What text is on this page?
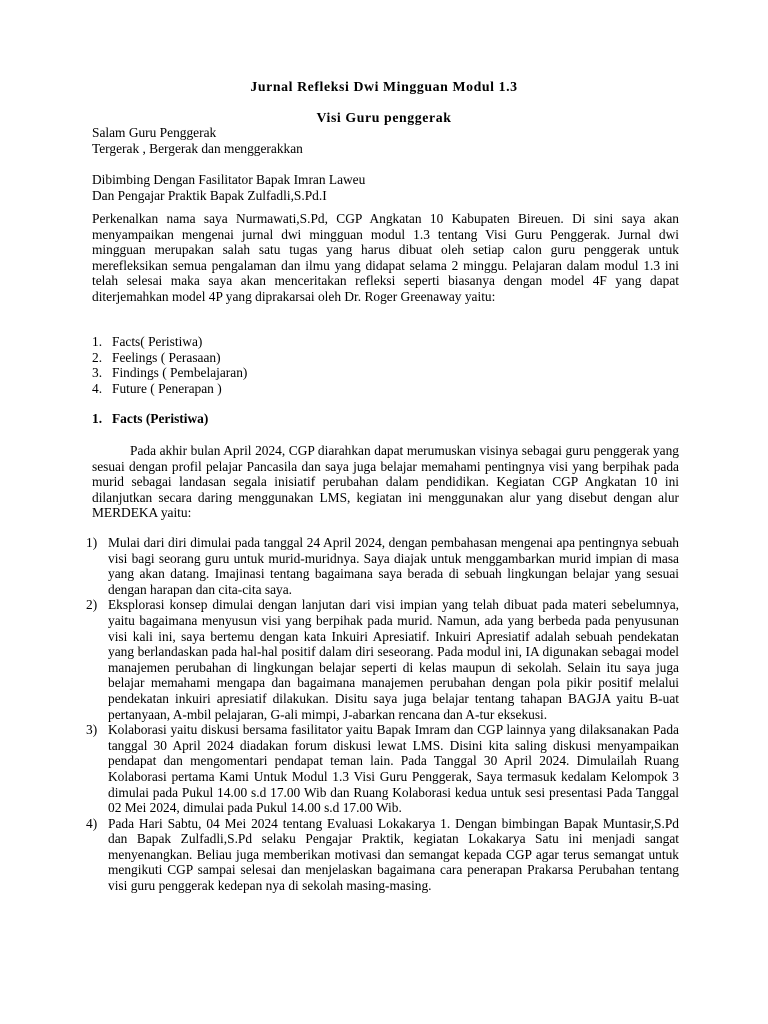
Jurnal Refleksi Dwi Mingguan Modul 1.3
Visi Guru penggerak
Salam Guru Penggerak
Tergerak , Bergerak dan menggerakkan
Dibimbing Dengan Fasilitator Bapak Imran Laweu
Dan Pengajar Praktik Bapak Zulfadli,S.Pd.I

Perkenalkan nama saya Nurmawati,S.Pd, CGP Angkatan 10 Kabupaten Bireuen. Di sini saya akan menyampaikan mengenai jurnal dwi mingguan modul 1.3 tentang Visi Guru Penggerak. Jurnal dwi mingguan merupakan salah satu tugas yang harus dibuat oleh setiap calon guru penggerak untuk merefleksikan semua pengalaman dan ilmu yang didapat selama 2 minggu. Pelajaran dalam modul 1.3 ini telah selesai maka saya akan menceritakan refleksi seperti biasanya dengan model 4F yang dapat diterjemahkan model 4P yang diprakarsai oleh Dr. Roger Greenaway yaitu:

1. Facts( Peristiwa)
2. Feelings ( Perasaan)
3. Findings ( Pembelajaran)
4. Future ( Penerapan )
1. Facts (Peristiwa)

Pada akhir bulan April 2024, CGP diarahkan dapat merumuskan visinya sebagai guru penggerak yang sesuai dengan profil pelajar Pancasila dan saya juga belajar memahami pentingnya visi yang berpihak pada murid sebagai landasan segala inisiatif perubahan dalam pendidikan. Kegiatan CGP Angkatan 10 ini dilanjutkan secara daring menggunakan LMS, kegiatan ini menggunakan alur yang disebut dengan alur MERDEKA yaitu:

1) Mulai dari diri dimulai pada tanggal 24 April 2024, dengan pembahasan mengenai apa pentingnya sebuah visi bagi seorang guru untuk murid-muridnya. Saya diajak untuk menggambarkan murid impian di masa yang akan datang. Imajinasi tentang bagaimana saya berada di sebuah lingkungan belajar yang sesuai dengan harapan dan cita-cita saya.
2) Eksplorasi konsep dimulai dengan lanjutan dari visi impian yang telah dibuat pada materi sebelumnya, yaitu bagaimana menyusun visi yang berpihak pada murid. Namun, ada yang berbeda pada penyusunan visi kali ini, saya bertemu dengan kata Inkuiri Apresiatif. Inkuiri Apresiatif adalah sebuah pendekatan yang berlandaskan pada hal-hal positif dalam diri seseorang. Pada modul ini, IA digunakan sebagai model manajemen perubahan di lingkungan belajar seperti di kelas maupun di sekolah. Selain itu saya juga belajar memahami mengapa dan bagaimana manajemen perubahan dengan pola pikir positif melalui pendekatan inkuiri apresiatif dilakukan. Disitu saya juga belajar tentang tahapan BAGJA yaitu B-uat pertanyaan, A-mbil pelajaran, G-ali mimpi, J-abarkan rencana dan A-tur eksekusi.
3) Kolaborasi yaitu diskusi bersama fasilitator yaitu Bapak Imram dan CGP lainnya yang dilaksanakan Pada tanggal 30 April 2024 diadakan forum diskusi lewat LMS. Disini kita saling diskusi menyampaikan pendapat dan mengomentari pendapat teman lain. Pada Tanggal 30 April 2024. Dimulailah Ruang Kolaborasi pertama Kami Untuk Modul 1.3 Visi Guru Penggerak, Saya termasuk kedalam Kelompok 3 dimulai pada Pukul 14.00 s.d 17.00 Wib dan Ruang Kolaborasi kedua untuk sesi presentasi Pada Tanggal 02 Mei 2024, dimulai pada Pukul 14.00 s.d 17.00 Wib.
4) Pada Hari Sabtu, 04 Mei 2024 tentang Evaluasi Lokakarya 1. Dengan bimbingan Bapak Muntasir,S.Pd dan Bapak Zulfadli,S.Pd selaku Pengajar Praktik, kegiatan Lokakarya Satu ini menjadi sangat menyenangkan. Beliau juga memberikan motivasi dan semangat kepada CGP agar terus semangat untuk mengikuti CGP sampai selesai dan menjelaskan bagaimana cara penerapan Prakarsa Perubahan tentang visi guru penggerak kedepan nya di sekolah masing-masing.
